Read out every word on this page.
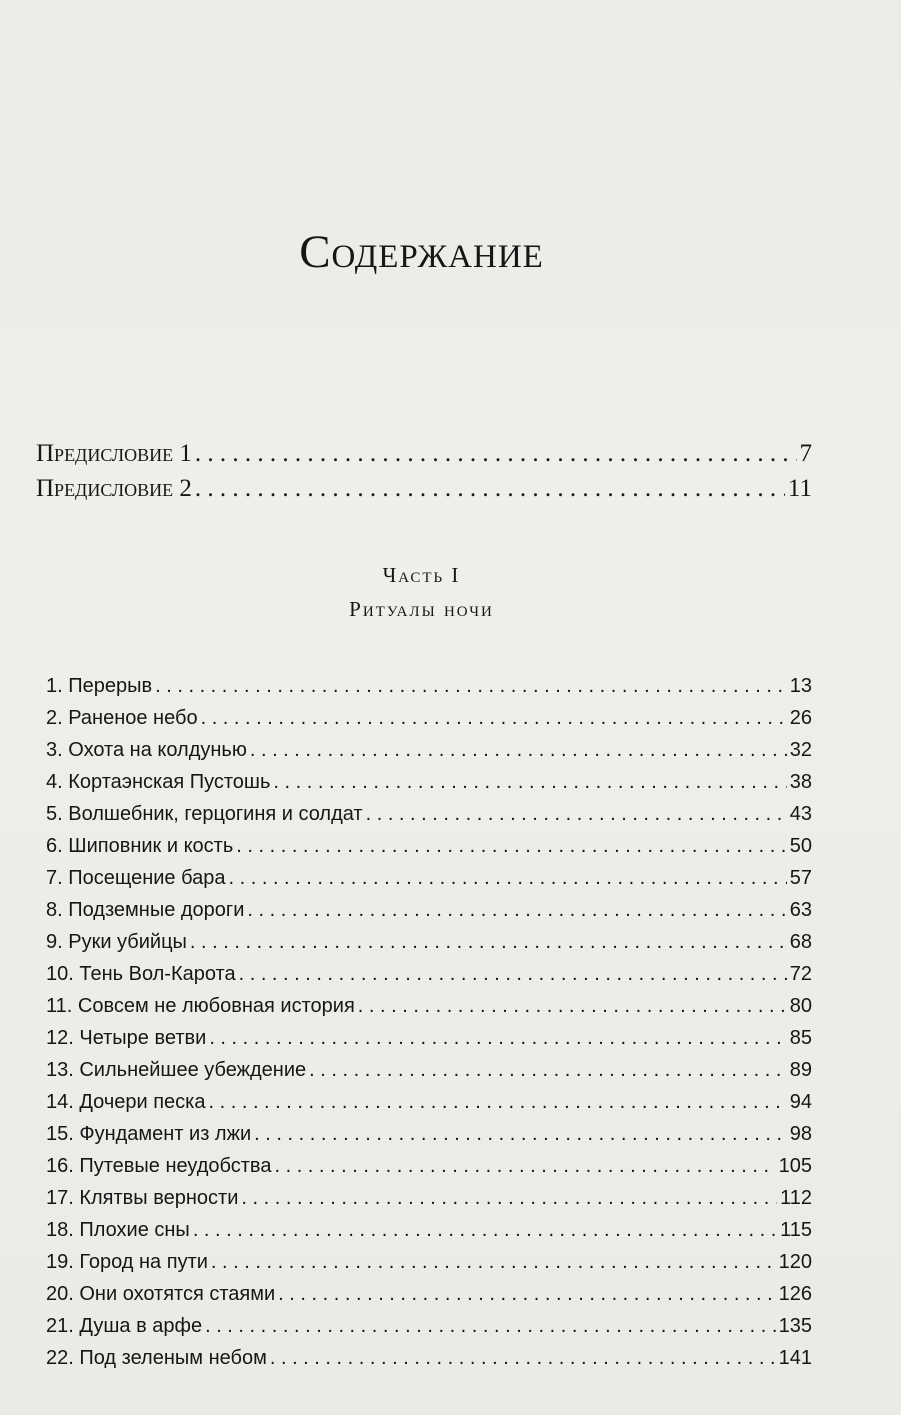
Содержание
Предисловие 1 . . .	7
Предисловие 2 . . .	11
Часть I
Ритуалы ночи
1. Перерыв . . .	13
2. Раненое небо . . .	26
3. Охота на колдунью . . .	32
4. Кортаэнская Пустошь . . .	38
5. Волшебник, герцогиня и солдат . . .	43
6. Шиповник и кость . . .	50
7. Посещение бара . . .	57
8. Подземные дороги . . .	63
9. Руки убийцы . . .	68
10. Тень Вол-Карота . . .	72
11. Совсем не любовная история . . .	80
12. Четыре ветви . . .	85
13. Сильнейшее убеждение . . .	89
14. Дочери песка . . .	94
15. Фундамент из лжи . . .	98
16. Путевые неудобства . . .	105
17. Клятвы верности . . .	112
18. Плохие сны . . .	115
19. Город на пути . . .	120
20. Они охотятся стаями . . .	126
21. Душа в арфе . . .	135
22. Под зеленым небом . . .	141
